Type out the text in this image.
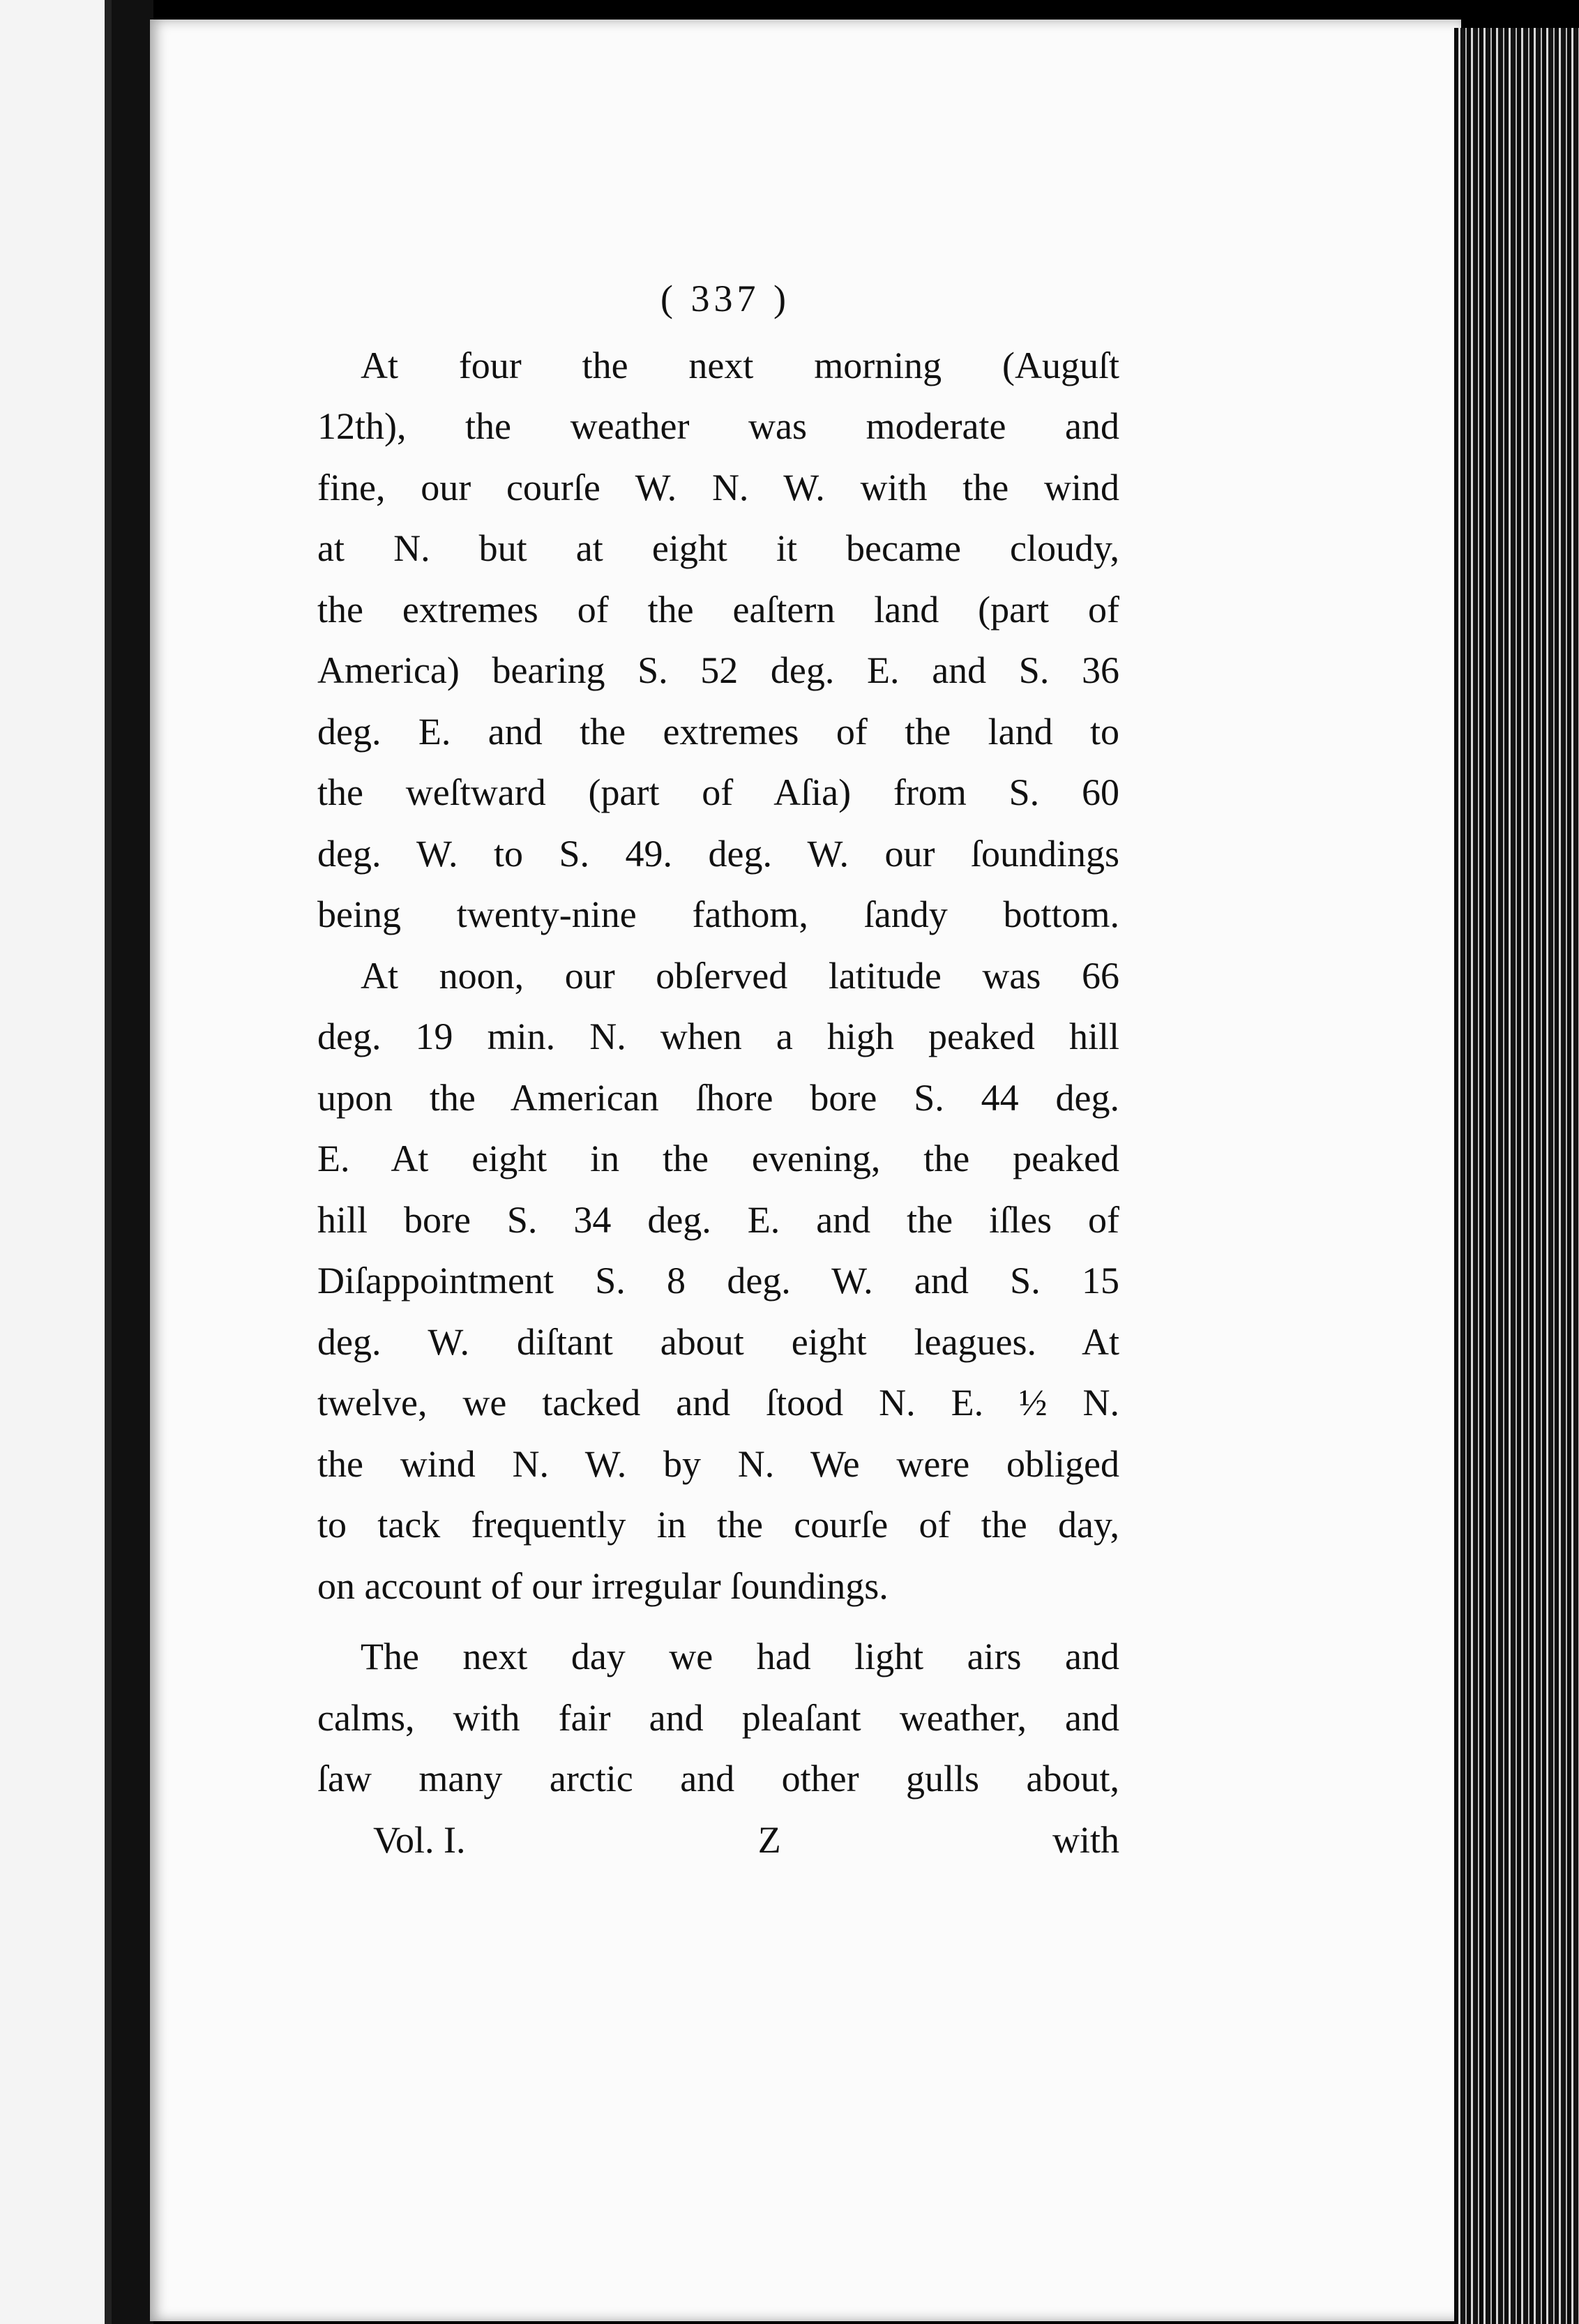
( 337 )
At four the next morning (Auguſt
12th), the weather was moderate and
fine, our courſe W. N. W. with the wind
at N. but at eight it became cloudy,
the extremes of the eaſtern land (part of
America) bearing S. 52 deg. E. and S. 36
deg. E. and the extremes of the land to
the weſtward (part of Aſia) from S. 60
deg. W. to S. 49. deg. W. our ſoundings
being twenty-nine fathom, ſandy bottom.
At noon, our obſerved latitude was 66
deg. 19 min. N. when a high peaked hill
upon the American ſhore bore S. 44 deg.
E. At eight in the evening, the peaked
hill bore S. 34 deg. E. and the iſles of
Diſappointment S. 8 deg. W. and S. 15
deg. W. diſtant about eight leagues. At
twelve, we tacked and ſtood N. E. ½ N.
the wind N. W. by N. We were obliged
to tack frequently in the courſe of the day,
on account of our irregular ſoundings.
The next day we had light airs and
calms, with fair and pleaſant weather, and
ſaw many arctic and other gulls about,
Vol. I.	Z	with
